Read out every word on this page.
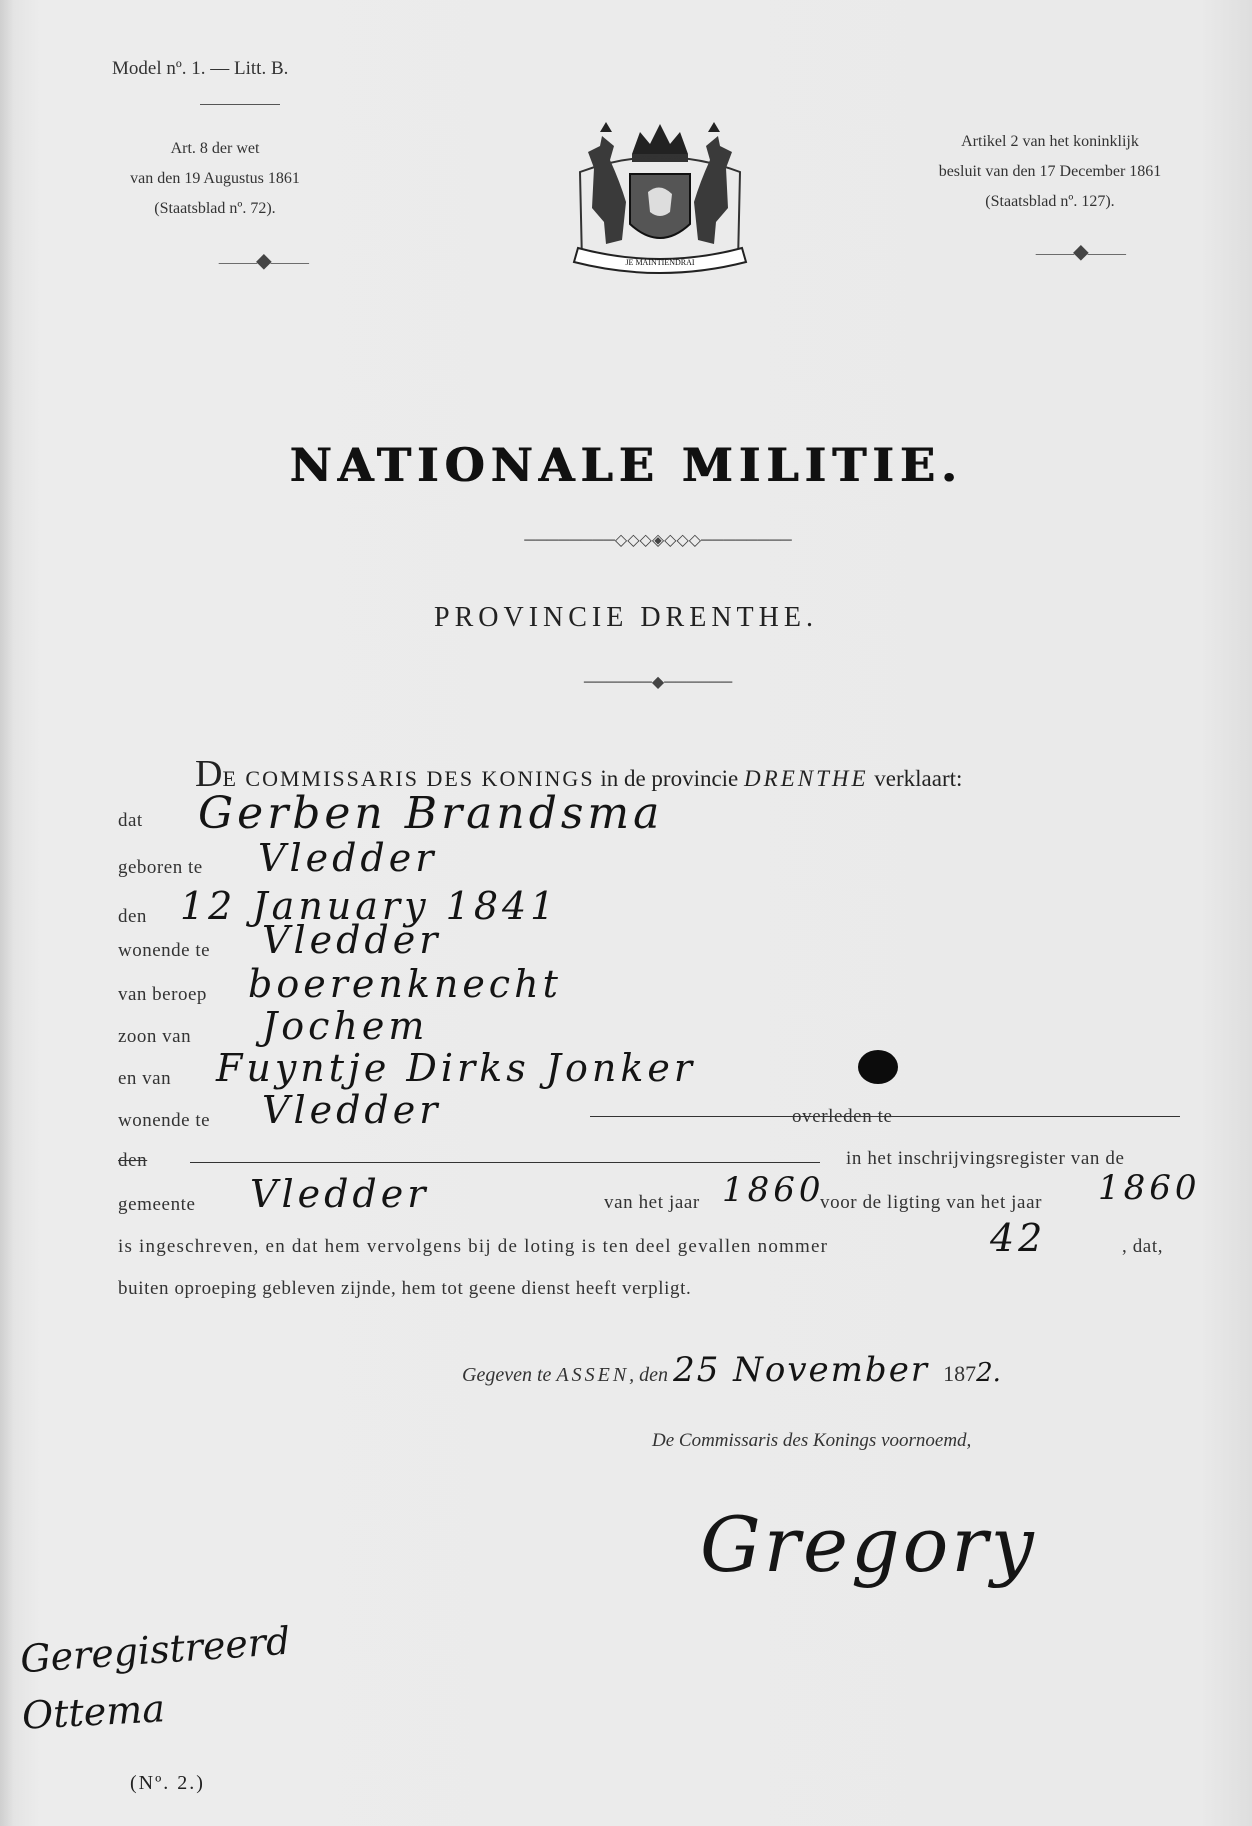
Model nº. 1. — Litt. B.
Art. 8 der wet
van den 19 Augustus 1861
(Staatsblad nº. 72).
⸻◆⸻
Artikel 2 van het koninklijk
besluit van den 17 December 1861
(Staatsblad nº. 127).
⸻◆⸻
JE MAINTIENDRAI
NATIONALE MILITIE.
────────◇◇◇◈◇◇◇────────
PROVINCIE DRENTHE.
──────◆──────
DE COMMISSARIS DES KONINGS in de provincie DRENTHE verklaart:
dat Gerben Brandsma
geboren te Vledder
den 12 January 1841
wonende te Vledder
van beroep boerenknecht
zoon van Jochem
en van Fuyntje Dirks Jonker
wonende te Vledder	overleden te
den	in het inschrijvingsregister van de
gemeente Vledder	van het jaar 1860
voor de ligting van het jaar 1860
is ingeschreven, en dat hem vervolgens bij de loting is ten deel gevallen nommer	42	, dat,
buiten oproeping gebleven zijnde, hem tot geene dienst heeft verpligt.
Gegeven te ASSEN, den 25 November 1872.
De Commissaris des Konings voornoemd,
Gregory
Geregistreerd
Ottema
(Nº. 2.)
